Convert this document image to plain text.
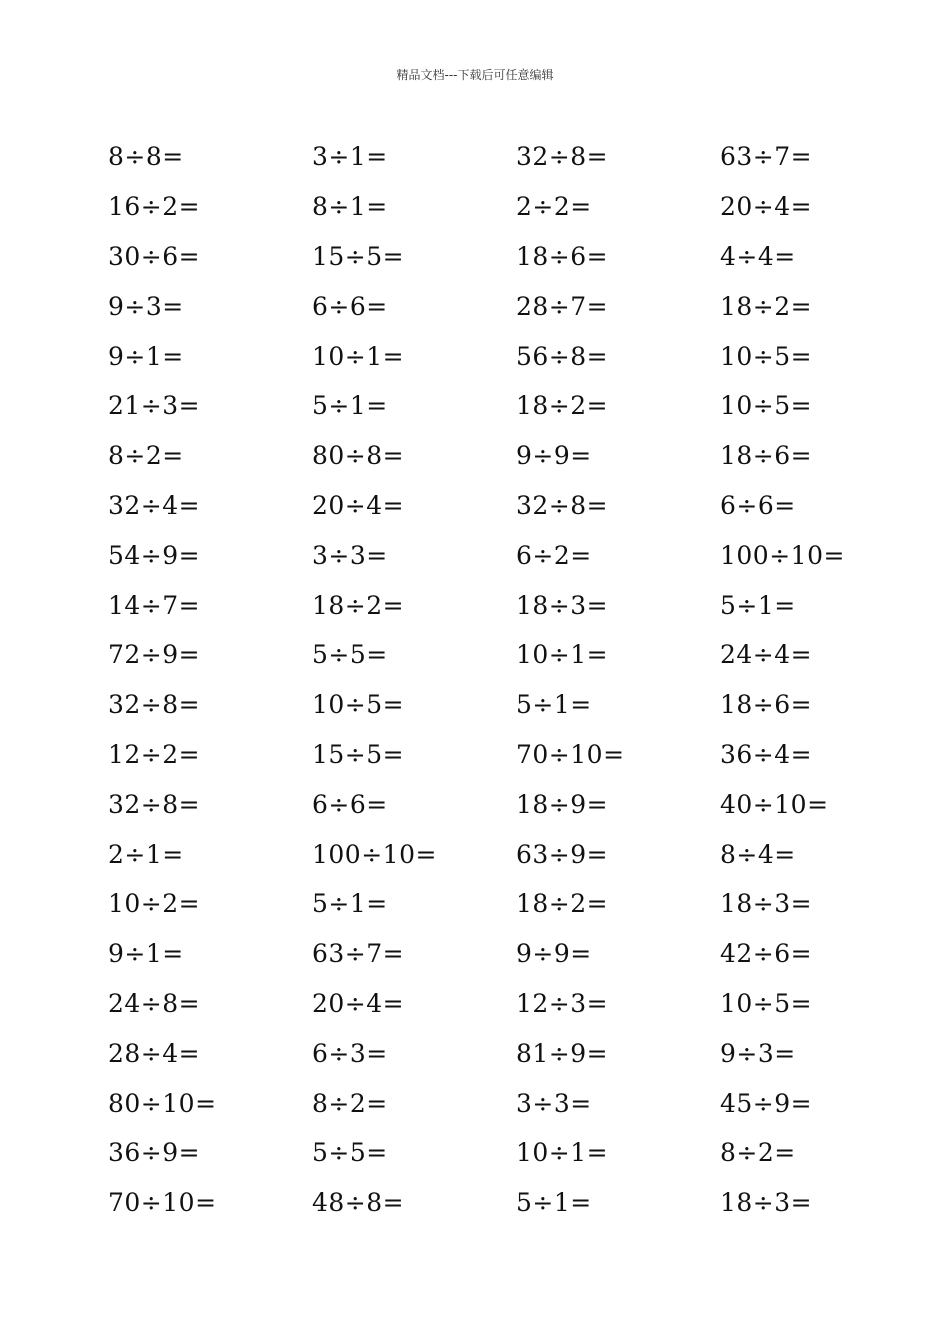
精品文档---下载后可任意编辑
8÷8=	3÷1=	32÷8=	63÷7=
16÷2=	8÷1=	2÷2=	20÷4=
30÷6=	15÷5=	18÷6=	4÷4=
9÷3=	6÷6=	28÷7=	18÷2=
9÷1=	10÷1=	56÷8=	10÷5=
21÷3=	5÷1=	18÷2=	10÷5=
8÷2=	80÷8=	9÷9=	18÷6=
32÷4=	20÷4=	32÷8=	6÷6=
54÷9=	3÷3=	6÷2=	100÷10=
14÷7=	18÷2=	18÷3=	5÷1=
72÷9=	5÷5=	10÷1=	24÷4=
32÷8=	10÷5=	5÷1=	18÷6=
12÷2=	15÷5=	70÷10=	36÷4=
32÷8=	6÷6=	18÷9=	40÷10=
2÷1=	100÷10=	63÷9=	8÷4=
10÷2=	5÷1=	18÷2=	18÷3=
9÷1=	63÷7=	9÷9=	42÷6=
24÷8=	20÷4=	12÷3=	10÷5=
28÷4=	6÷3=	81÷9=	9÷3=
80÷10=	8÷2=	3÷3=	45÷9=
36÷9=	5÷5=	10÷1=	8÷2=
70÷10=	48÷8=	5÷1=	18÷3=
